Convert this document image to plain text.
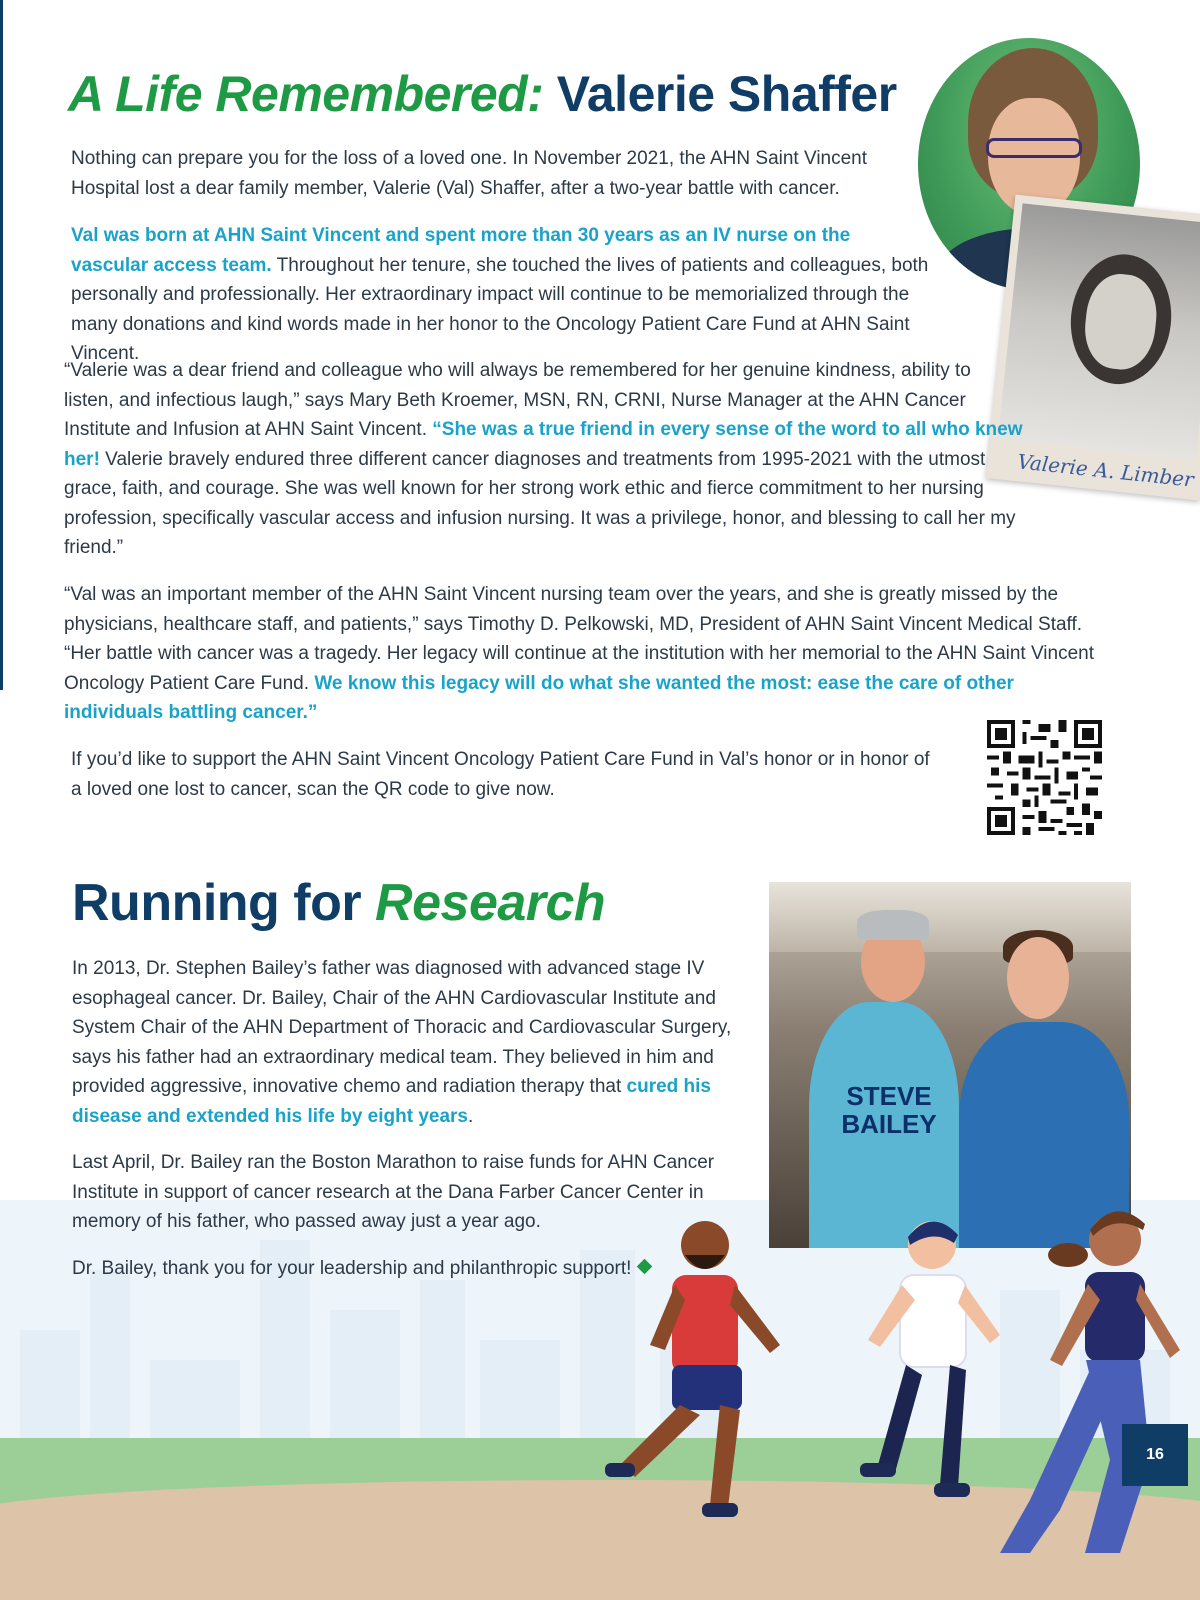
A Life Remembered: Valerie Shaffer
Valerie A. Limber

Nothing can prepare you for the loss of a loved one. In November 2021, the AHN Saint Vincent Hospital lost a dear family member, Valerie (Val) Shaffer, after a two-year battle with cancer.

Val was born at AHN Saint Vincent and spent more than 30 years as an IV nurse on the vascular access team. Throughout her tenure, she touched the lives of patients and colleagues, both personally and professionally. Her extraordinary impact will continue to be memorialized through the many donations and kind words made in her honor to the Oncology Patient Care Fund at AHN Saint Vincent.

“Valerie was a dear friend and colleague who will always be remembered for her genuine kindness, ability to listen, and infectious laugh,” says Mary Beth Kroemer, MSN, RN, CRNI, Nurse Manager at the AHN Cancer Institute and Infusion at AHN Saint Vincent. “She was a true friend in every sense of the word to all who knew her! Valerie bravely endured three different cancer diagnoses and treatments from 1995-2021 with the utmost grace, faith, and courage. She was well known for her strong work ethic and fierce commitment to her nursing profession, specifically vascular access and infusion nursing. It was a privilege, honor, and blessing to call her my friend.”

“Val was an important member of the AHN Saint Vincent nursing team over the years, and she is greatly missed by the physicians, healthcare staff, and patients,” says Timothy D. Pelkowski, MD, President of AHN Saint Vincent Medical Staff. “Her battle with cancer was a tragedy. Her legacy will continue at the institution with her memorial to the AHN Saint Vincent Oncology Patient Care Fund. We know this legacy will do what she wanted the most: ease the care of other individuals battling cancer.”

If you’d like to support the AHN Saint Vincent Oncology Patient Care Fund in Val’s honor or in honor of a loved one lost to cancer, scan the QR code to give now.

Running for Research
STEVE BAILEY

In 2013, Dr. Stephen Bailey’s father was diagnosed with advanced stage IV esophageal cancer. Dr. Bailey, Chair of the AHN Cardiovascular Institute and System Chair of the AHN Department of Thoracic and Cardiovascular Surgery, says his father had an extraordinary medical team. They believed in him and provided aggressive, innovative chemo and radiation therapy that cured his disease and extended his life by eight years.

Last April, Dr. Bailey ran the Boston Marathon to raise funds for AHN Cancer Institute in support of cancer research at the Dana Farber Cancer Center in memory of his father, who passed away just a year ago.

Dr. Bailey, thank you for your leadership and philanthropic support!

16
